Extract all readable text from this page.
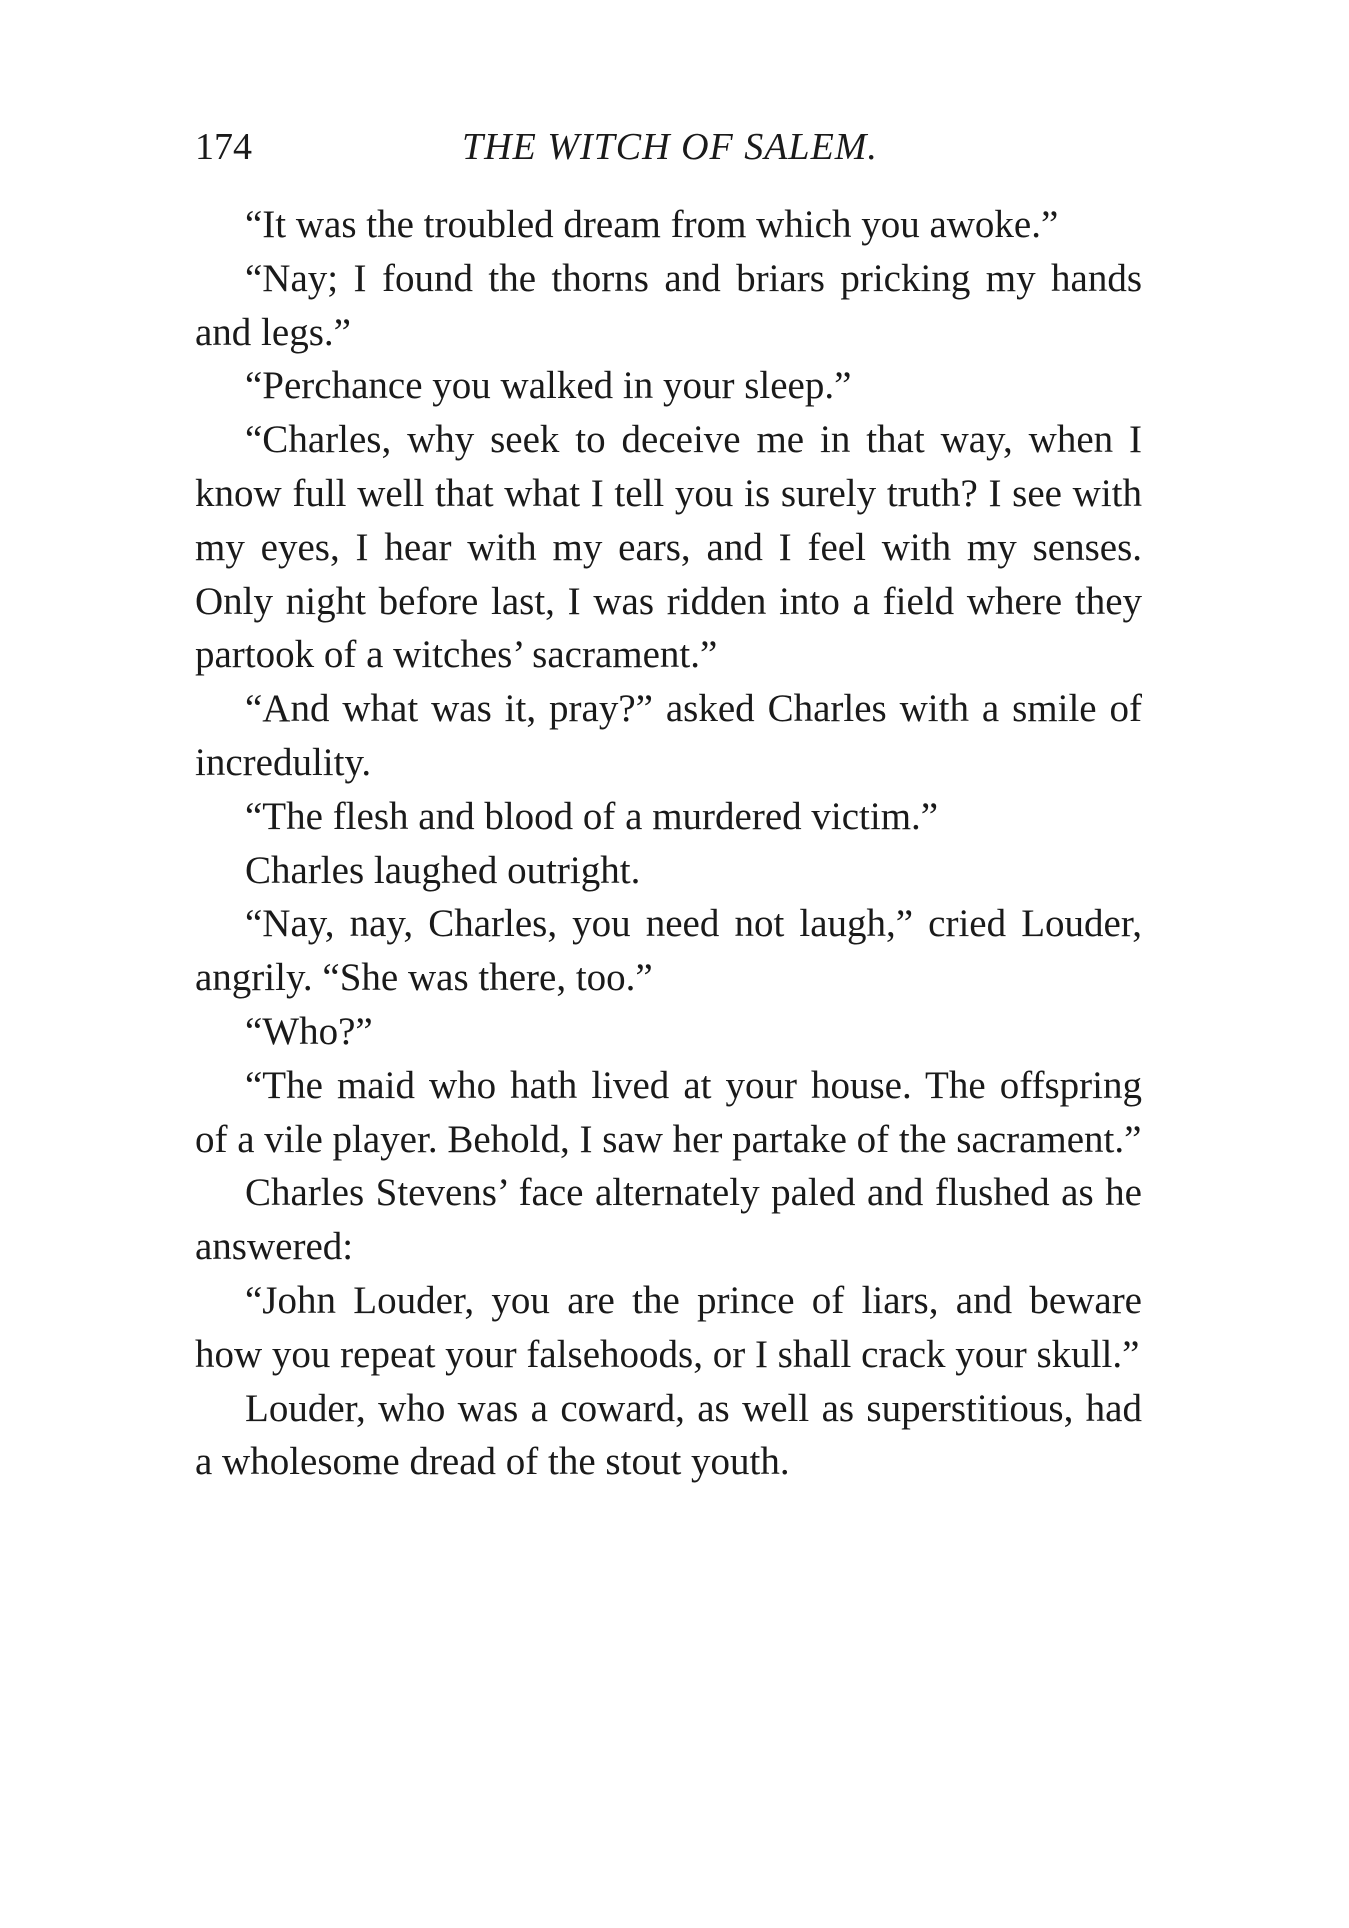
174	THE WITCH OF SALEM.

“It was the troubled dream from which you awoke.”

“Nay; I found the thorns and briars pricking my hands and legs.”

“Perchance you walked in your sleep.”

“Charles, why seek to deceive me in that way, when I know full well that what I tell you is surely truth? I see with my eyes, I hear with my ears, and I feel with my senses. Only night before last, I was ridden into a field where they partook of a witches’ sacrament.”

“And what was it, pray?” asked Charles with a smile of incredulity.

“The flesh and blood of a murdered victim.”

Charles laughed outright.

“Nay, nay, Charles, you need not laugh,” cried Louder, angrily. “She was there, too.”

“Who?”

“The maid who hath lived at your house. The offspring of a vile player. Behold, I saw her partake of the sacrament.”

Charles Stevens’ face alternately paled and flushed as he answered:

“John Louder, you are the prince of liars, and beware how you repeat your falsehoods, or I shall crack your skull.”

Louder, who was a coward, as well as superstitious, had a wholesome dread of the stout youth.
